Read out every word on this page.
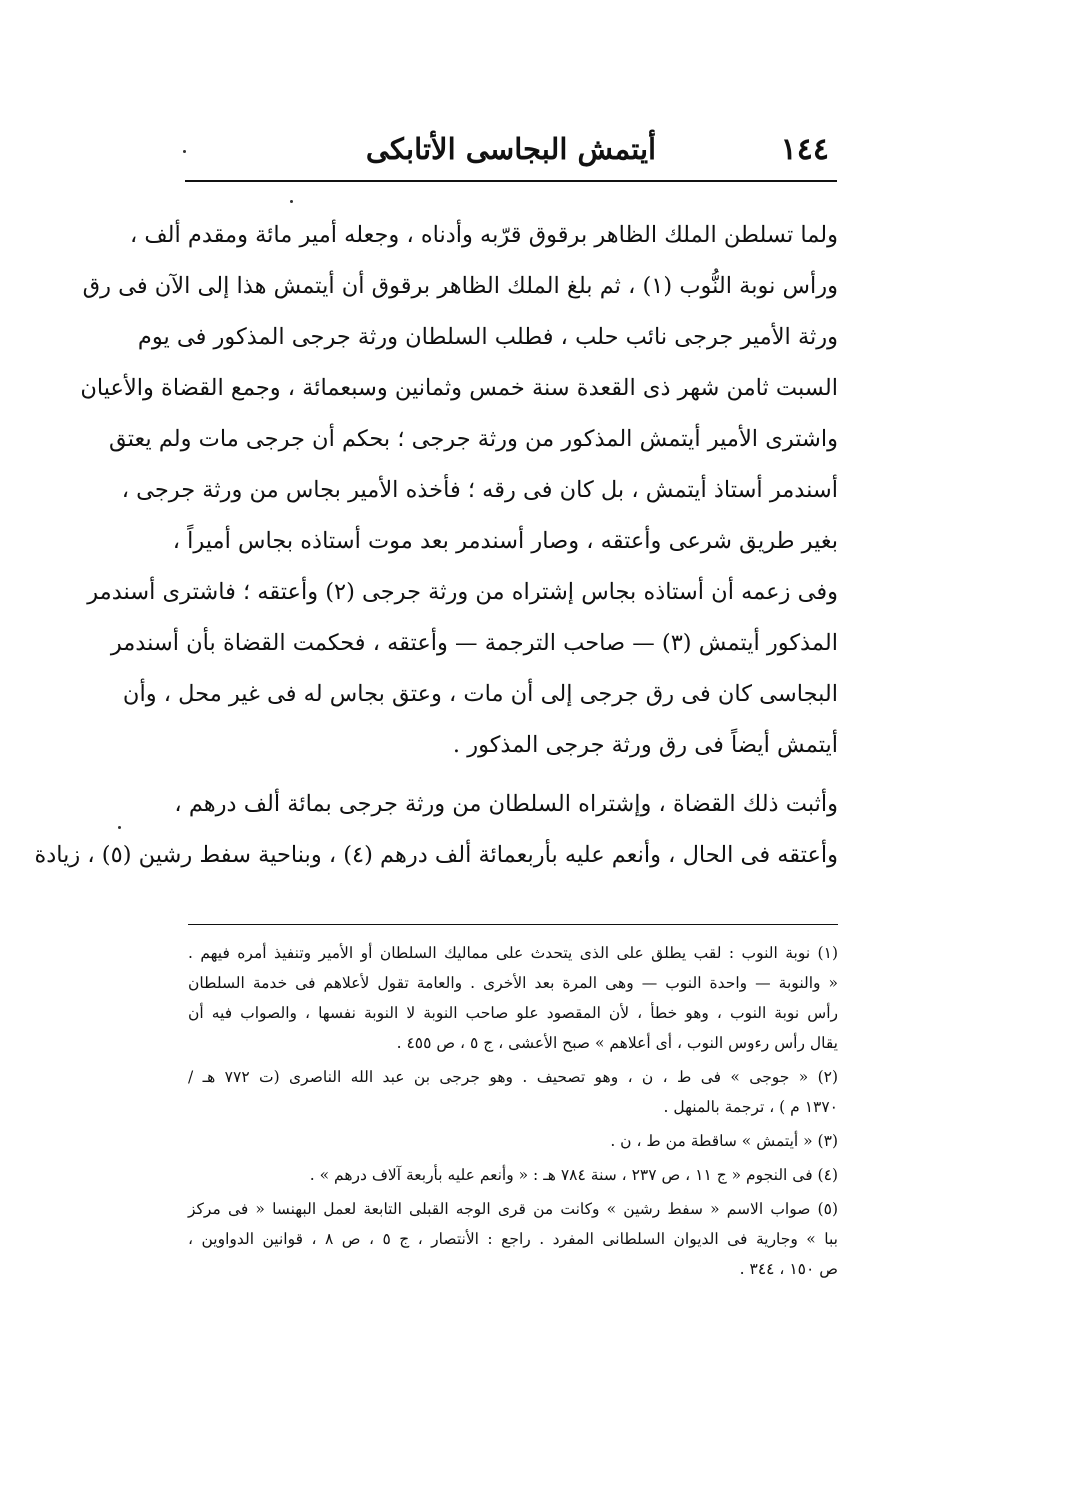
١٤٤
أيتمش البجاسى الأتابكى

ولما تسلطن الملك الظاهر برقوق قرّبه وأدناه ، وجعله أمير مائة ومقدم ألف ،
ورأس نوبة النُّوب (١) ، ثم بلغ الملك الظاهر برقوق أن أيتمش هذا إلى الآن فى رق
ورثة الأمير جرجى نائب حلب ، فطلب السلطان ورثة جرجى المذكور فى يوم
السبت ثامن شهر ذى القعدة سنة خمس وثمانين وسبعمائة ، وجمع القضاة والأعيان
واشترى الأمير أيتمش المذكور من ورثة جرجى ؛ بحكم أن جرجى مات ولم يعتق
أسندمر أستاذ أيتمش ، بل كان فى رقه ؛ فأخذه الأمير بجاس من ورثة جرجى ،
بغير طريق شرعى وأعتقه ، وصار أسندمر بعد موت أستاذه بجاس أميراً ،
وفى زعمه أن أستاذه بجاس إشتراه من ورثة جرجى (٢) وأعتقه ؛ فاشترى أسندمر
المذكور أيتمش (٣) — صاحب الترجمة — وأعتقه ، فحكمت القضاة بأن أسندمر
البجاسى كان فى رق جرجى إلى أن مات ، وعتق بجاس له فى غير محل ، وأن
أيتمش أيضاً فى رق ورثة جرجى المذكور .

وأثبت ذلك القضاة ، وإشتراه السلطان من ورثة جرجى بمائة ألف درهم ،
وأعتقه فى الحال ، وأنعم عليه بأربعمائة ألف درهم (٤) ، وبناحية سفط رشين (٥) ، زيادة

(١) نوبة النوب : لقب يطلق على الذى يتحدث على مماليك السلطان أو الأمير وتنفيذ أمره فيهم .
« والنوبة — واحدة النوب — وهى المرة بعد الأخرى . والعامة تقول لأعلاهم فى خدمة السلطان
رأس نوبة النوب ، وهو خطأ ، لأن المقصود علو صاحب النوبة لا النوبة نفسها ، والصواب فيه أن
يقال رأس رءوس النوب ، أى أعلاهم » صبح الأعشى ، ج ٥ ، ص ٤٥٥ .
(٢) « جوجى » فى ط ، ن ، وهو تصحيف . وهو جرجى بن عبد الله الناصرى (ت ٧٧٢ هـ /
١٣٧٠ م ) ، ترجمة بالمنهل .
(٣) « أيتمش » ساقطة من ط ، ن .
(٤) فى النجوم « ج ١١ ، ص ٢٣٧ ، سنة ٧٨٤ هـ : « وأنعم عليه بأربعة آلاف درهم » .
(٥) صواب الاسم « سفط رشين » وكانت من قرى الوجه القبلى التابعة لعمل البهنسا « فى مركز
ببا » وجارية فى الديوان السلطانى المفرد . راجع : الأنتصار ، ج ٥ ، ص ٨ ، قوانين الدواوين ،
ص ١٥٠ ، ٣٤٤ .
